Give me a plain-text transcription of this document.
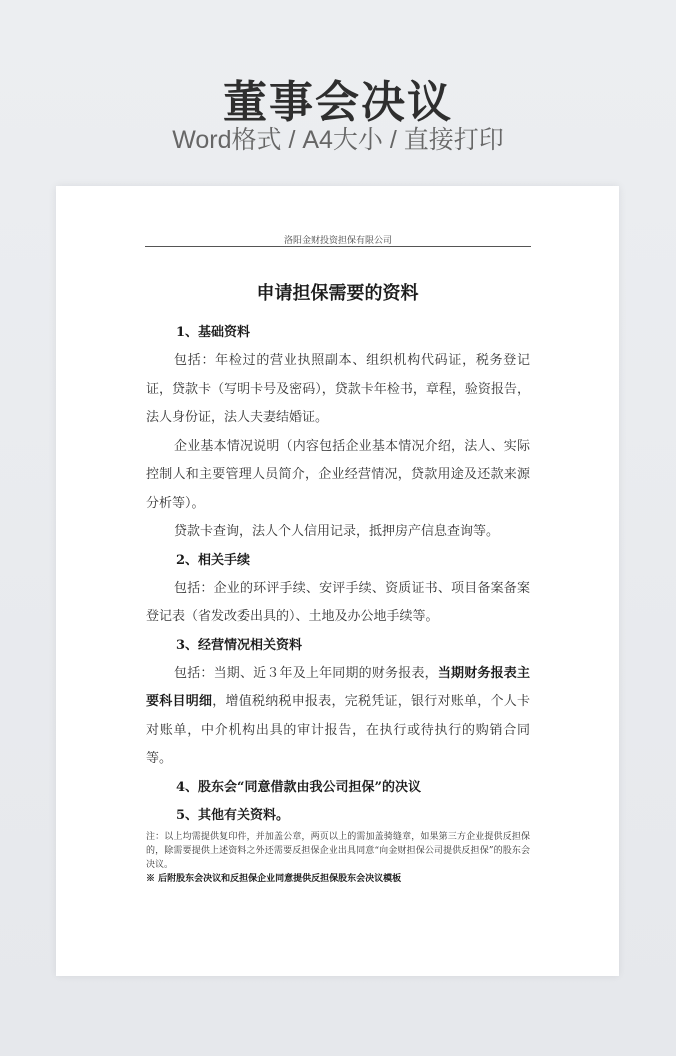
董事会决议

Word格式 / A4大小 / 直接打印

洛阳金财投资担保有限公司
申请担保需要的资料
1、基础资料

包括：年检过的营业执照副本、组织机构代码证，税务登记证，贷款卡（写明卡号及密码），贷款卡年检书，章程，验资报告，法人身份证，法人夫妻结婚证。

企业基本情况说明（内容包括企业基本情况介绍，法人、实际控制人和主要管理人员简介，企业经营情况，贷款用途及还款来源分析等）。

贷款卡查询，法人个人信用记录，抵押房产信息查询等。

2、相关手续

包括：企业的环评手续、安评手续、资质证书、项目备案备案登记表（省发改委出具的）、土地及办公地手续等。

3、经营情况相关资料

包括：当期、近３年及上年同期的财务报表，当期财务报表主要科目明细，增值税纳税申报表，完税凭证，银行对账单，个人卡对账单，中介机构出具的审计报告，在执行或待执行的购销合同等。

4、股东会“同意借款由我公司担保”的决议
5、其他有关资料。

注：以上均需提供复印件，并加盖公章，两页以上的需加盖骑缝章，如果第三方企业提供反担保的，除需要提供上述资料之外还需要反担保企业出具同意“向金财担保公司提供反担保”的股东会决议。

※ 后附股东会决议和反担保企业同意提供反担保股东会决议模板
